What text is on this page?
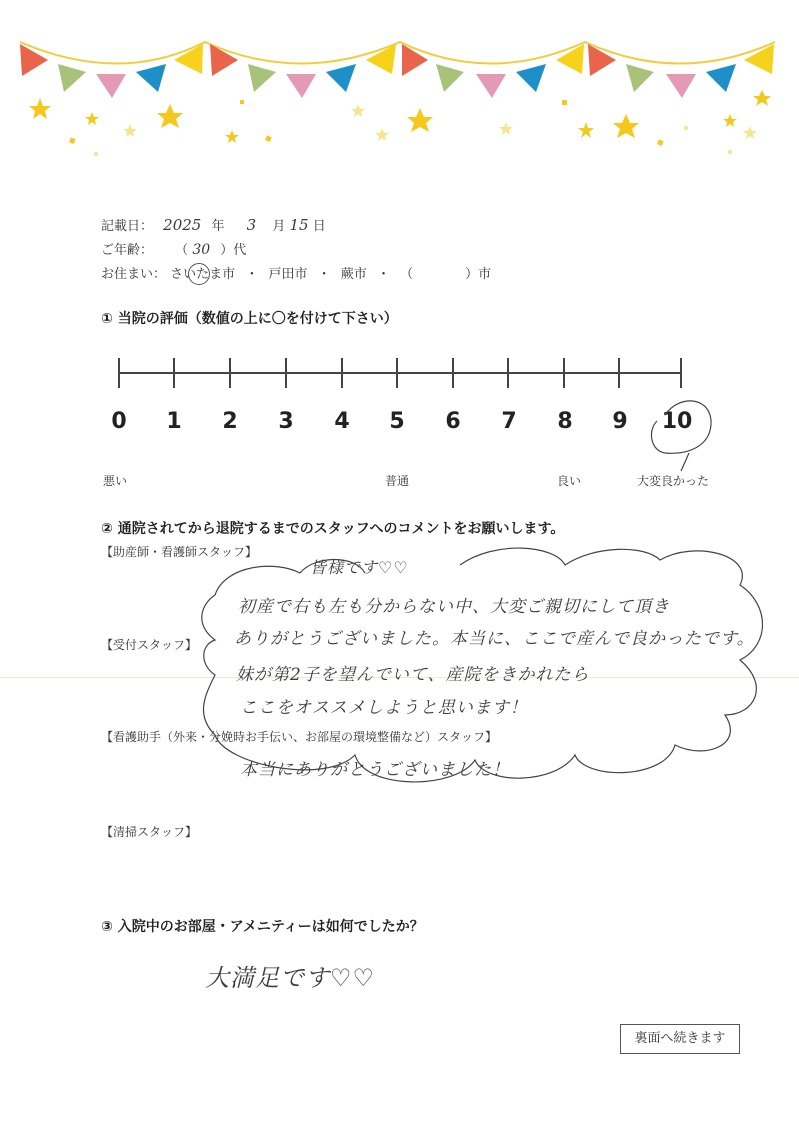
記載日： 2025 年 3 月 15 日
ご年齢： （ 30 ）代
お住まい： さいたま市 ・ 戸田市 ・ 蕨市 ・ （　　　　）市
① 当院の評価（数値の上に〇を付けて下さい）
0 1 2 3 4 5 6 7 8 9 10
悪い	普通	良い	大変良かった
② 通院されてから退院するまでのスタッフへのコメントをお願いします。
【助産師・看護師スタッフ】
【受付スタッフ】
【看護助手（外来・分娩時お手伝い、お部屋の環境整備など）スタッフ】
【清掃スタッフ】
皆様です♡♡
初産で右も左も分からない中、大変ご親切にして頂き
ありがとうございました。本当に、ここで産んで良かったです。
妹が第2子を望んでいて、産院をきかれたら
ここをオススメしようと思います！
本当にありがとうございました！
③ 入院中のお部屋・アメニティーは如何でしたか？
大満足です♡♡
裏面へ続きます
